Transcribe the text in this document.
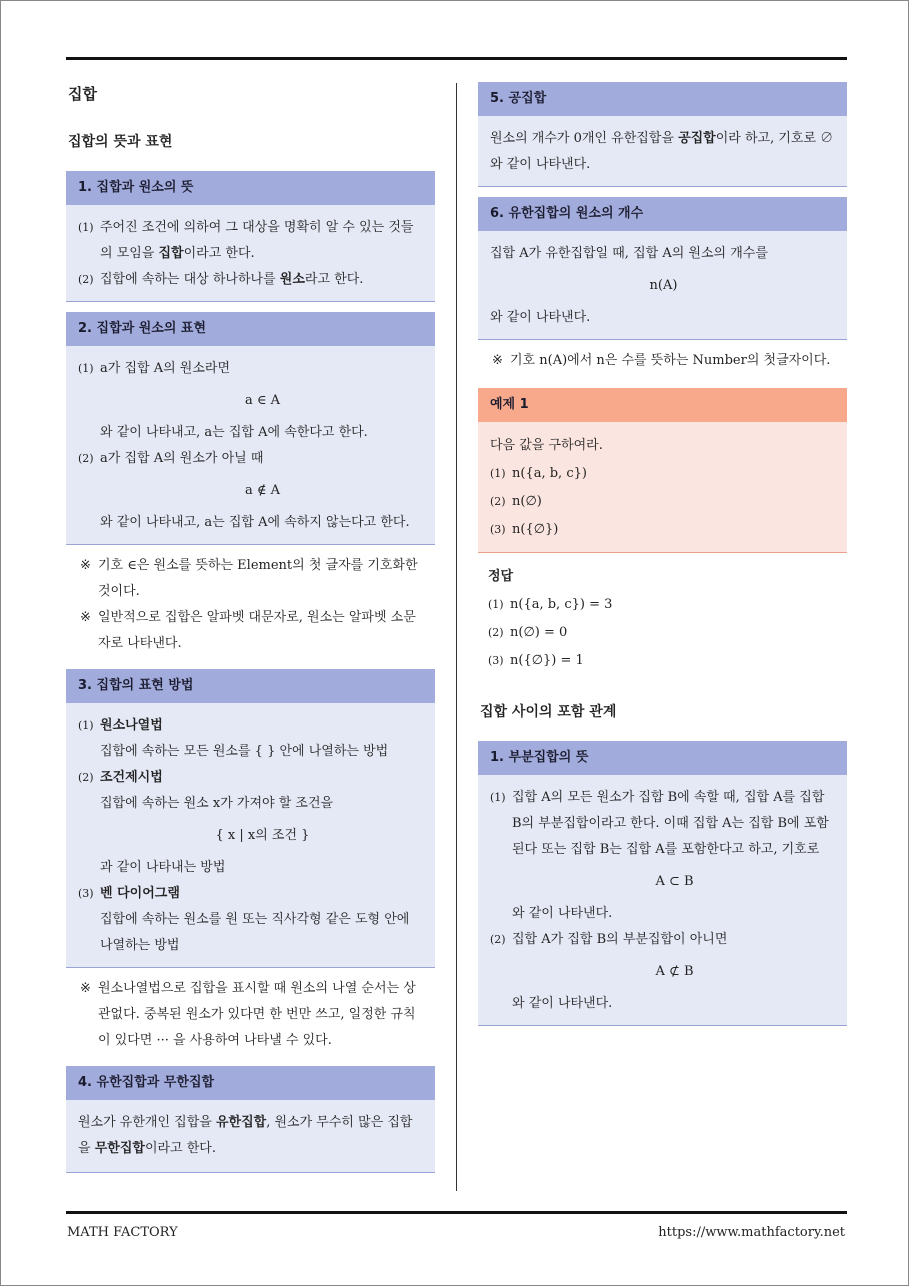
집합
집합의 뜻과 표현
1. 집합과 원소의 뜻
(1) 주어진 조건에 의하여 그 대상을 명확히 알 수 있는 것들의 모임을 집합이라고 한다.
(2) 집합에 속하는 대상 하나하나를 원소라고 한다.
2. 집합과 원소의 표현
(1) a가 집합 A의 원소라면
a ∈ A
와 같이 나타내고, a는 집합 A에 속한다고 한다.
(2) a가 집합 A의 원소가 아닐 때
a ∉ A
와 같이 나타내고, a는 집합 A에 속하지 않는다고 한다.
※ 기호 ∈은 원소를 뜻하는 Element의 첫 글자를 기호화한 것이다.
※ 일반적으로 집합은 알파벳 대문자로, 원소는 알파벳 소문자로 나타낸다.
3. 집합의 표현 방법
(1) 원소나열법
집합에 속하는 모든 원소를 { } 안에 나열하는 방법
(2) 조건제시법
집합에 속하는 원소 x가 가져야 할 조건을
{ x | x의 조건 }
과 같이 나타내는 방법
(3) 벤 다이어그램
집합에 속하는 원소를 원 또는 직사각형 같은 도형 안에 나열하는 방법
※ 원소나열법으로 집합을 표시할 때 원소의 나열 순서는 상관없다. 중복된 원소가 있다면 한 번만 쓰고, 일정한 규칙이 있다면 ··· 을 사용하여 나타낼 수 있다.
4. 유한집합과 무한집합
원소가 유한개인 집합을 유한집합, 원소가 무수히 많은 집합을 무한집합이라고 한다.
5. 공집합
원소의 개수가 0개인 유한집합을 공집합이라 하고, 기호로 ∅와 같이 나타낸다.
6. 유한집합의 원소의 개수
집합 A가 유한집합일 때, 집합 A의 원소의 개수를
n(A)
와 같이 나타낸다.
※ 기호 n(A)에서 n은 수를 뜻하는 Number의 첫글자이다.
예제 1
다음 값을 구하여라.
(1) n({a, b, c})
(2) n(∅)
(3) n({∅})
정답
(1) n({a, b, c}) = 3
(2) n(∅) = 0
(3) n({∅}) = 1
집합 사이의 포함 관계
1. 부분집합의 뜻
(1) 집합 A의 모든 원소가 집합 B에 속할 때, 집합 A를 집합 B의 부분집합이라고 한다. 이때 집합 A는 집합 B에 포함된다 또는 집합 B는 집합 A를 포함한다고 하고, 기호로
A ⊂ B
와 같이 나타낸다.
(2) 집합 A가 집합 B의 부분집합이 아니면
A ⊄ B
와 같이 나타낸다.
MATH FACTORY	https://www.mathfactory.net
